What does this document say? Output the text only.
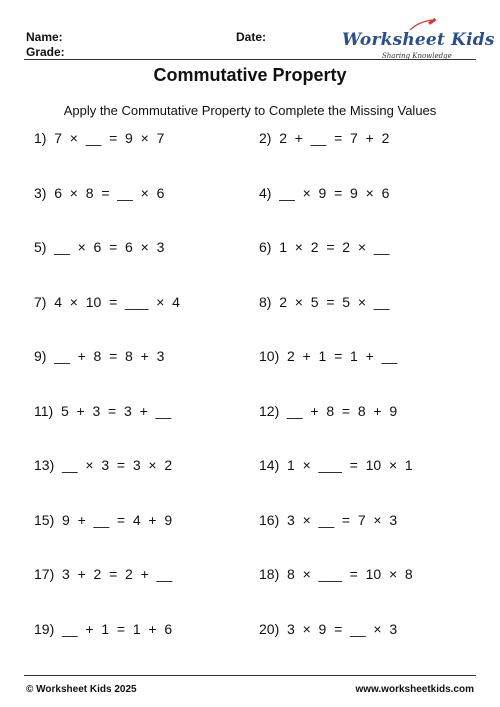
Name:
Grade:
Date:	Worksheet Kids
Sharing Knowledge
Commutative Property
Apply the Commutative Property to Complete the Missing Values
1)  7  ×  __  =  9  ×  7	2)  2  +  __  =  7  +  2
3)  6  ×  8  =  __  ×  6	4)  __  ×  9  =  9  ×  6
5)  __  ×  6  =  6  ×  3	6)  1  ×  2  =  2  ×  __
7)  4  ×  10  =  ___  ×  4	8)  2  ×  5  =  5  ×  __
9)  __  +  8  =  8  +  3	10)  2  +  1  =  1  +  __
11)  5  +  3  =  3  +  __	12)  __  +  8  =  8  +  9
13)  __  ×  3  =  3  ×  2	14)  1  ×  ___  =  10  ×  1
15)  9  +  __  =  4  +  9	16)  3  ×  __  =  7  ×  3
17)  3  +  2  =  2  +  __	18)  8  ×  ___  =  10  ×  8
19)  __  +  1  =  1  +  6	20)  3  ×  9  =  __  ×  3
© Worksheet Kids 2025	www.worksheetkids.com
